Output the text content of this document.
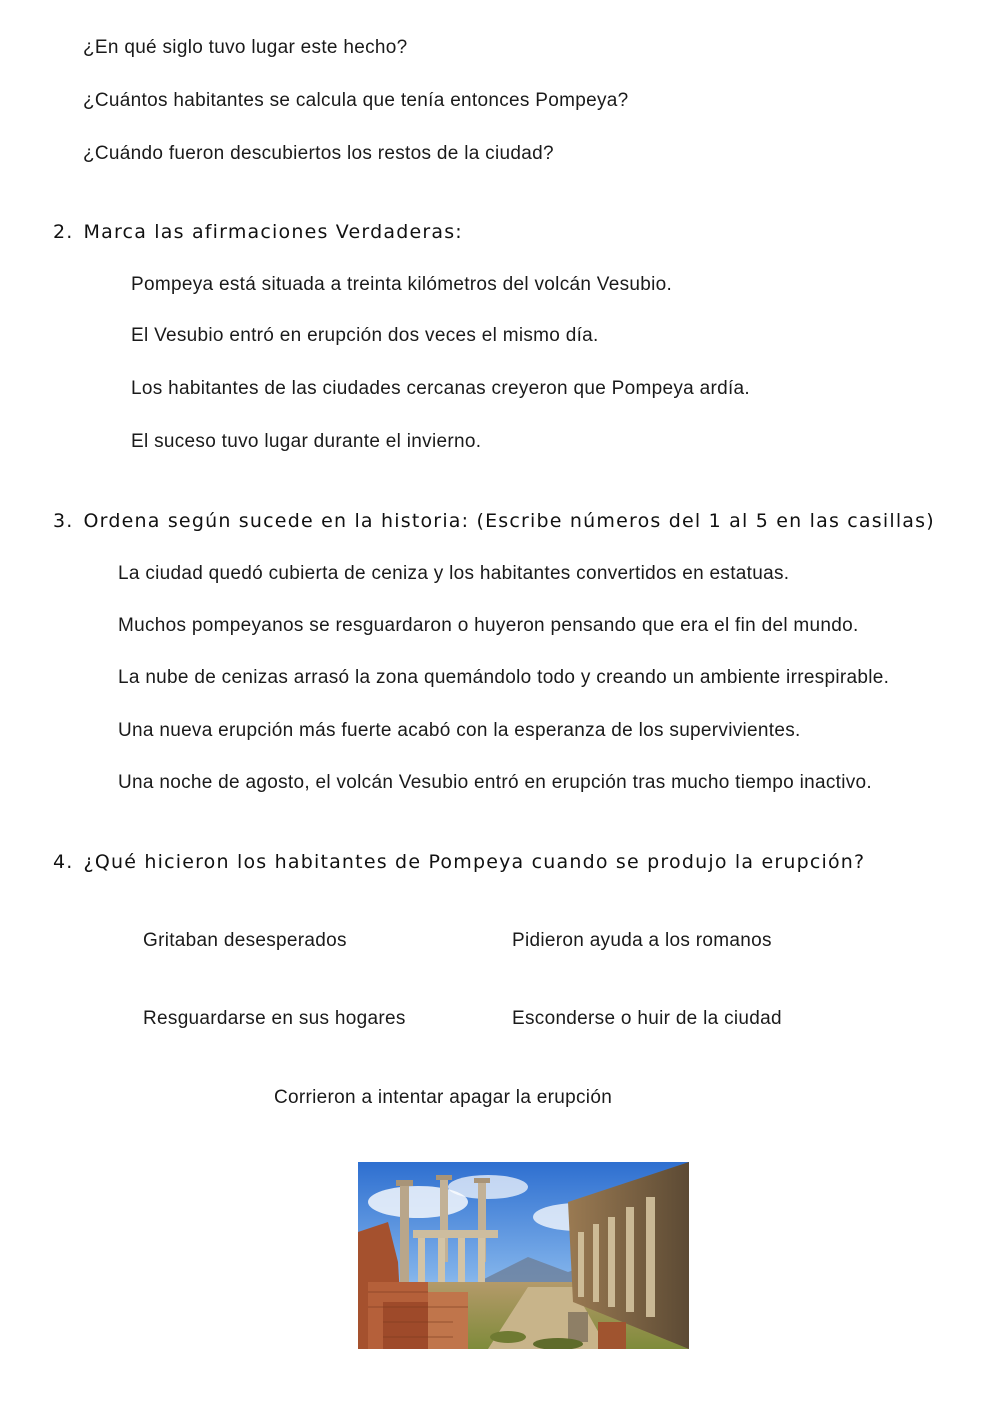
¿En qué siglo tuvo lugar este hecho?
¿Cuántos habitantes se calcula que tenía entonces Pompeya?
¿Cuándo fueron descubiertos los restos de la ciudad?
2. Marca las afirmaciones Verdaderas:
Pompeya está situada a treinta kilómetros del volcán Vesubio.
El Vesubio entró en erupción dos veces el mismo día.
Los habitantes de las ciudades cercanas creyeron que Pompeya ardía.
El suceso tuvo lugar durante el invierno.
3. Ordena según sucede en la historia: (Escribe números del 1 al 5 en las casillas)
La ciudad quedó cubierta de ceniza y los habitantes convertidos en estatuas.
Muchos pompeyanos se resguardaron o huyeron pensando que era el fin del mundo.
La nube de cenizas arrasó la zona quemándolo todo y creando un ambiente irrespirable.
Una nueva erupción más fuerte acabó con la esperanza de los supervivientes.
Una noche de agosto, el volcán Vesubio entró en erupción tras mucho tiempo inactivo.
4. ¿Qué hicieron los habitantes de Pompeya cuando se produjo la erupción?
Gritaban desesperados	Pidieron ayuda a los romanos
Resguardarse en sus hogares	Esconderse o huir de la ciudad
Corrieron a intentar apagar la erupción
